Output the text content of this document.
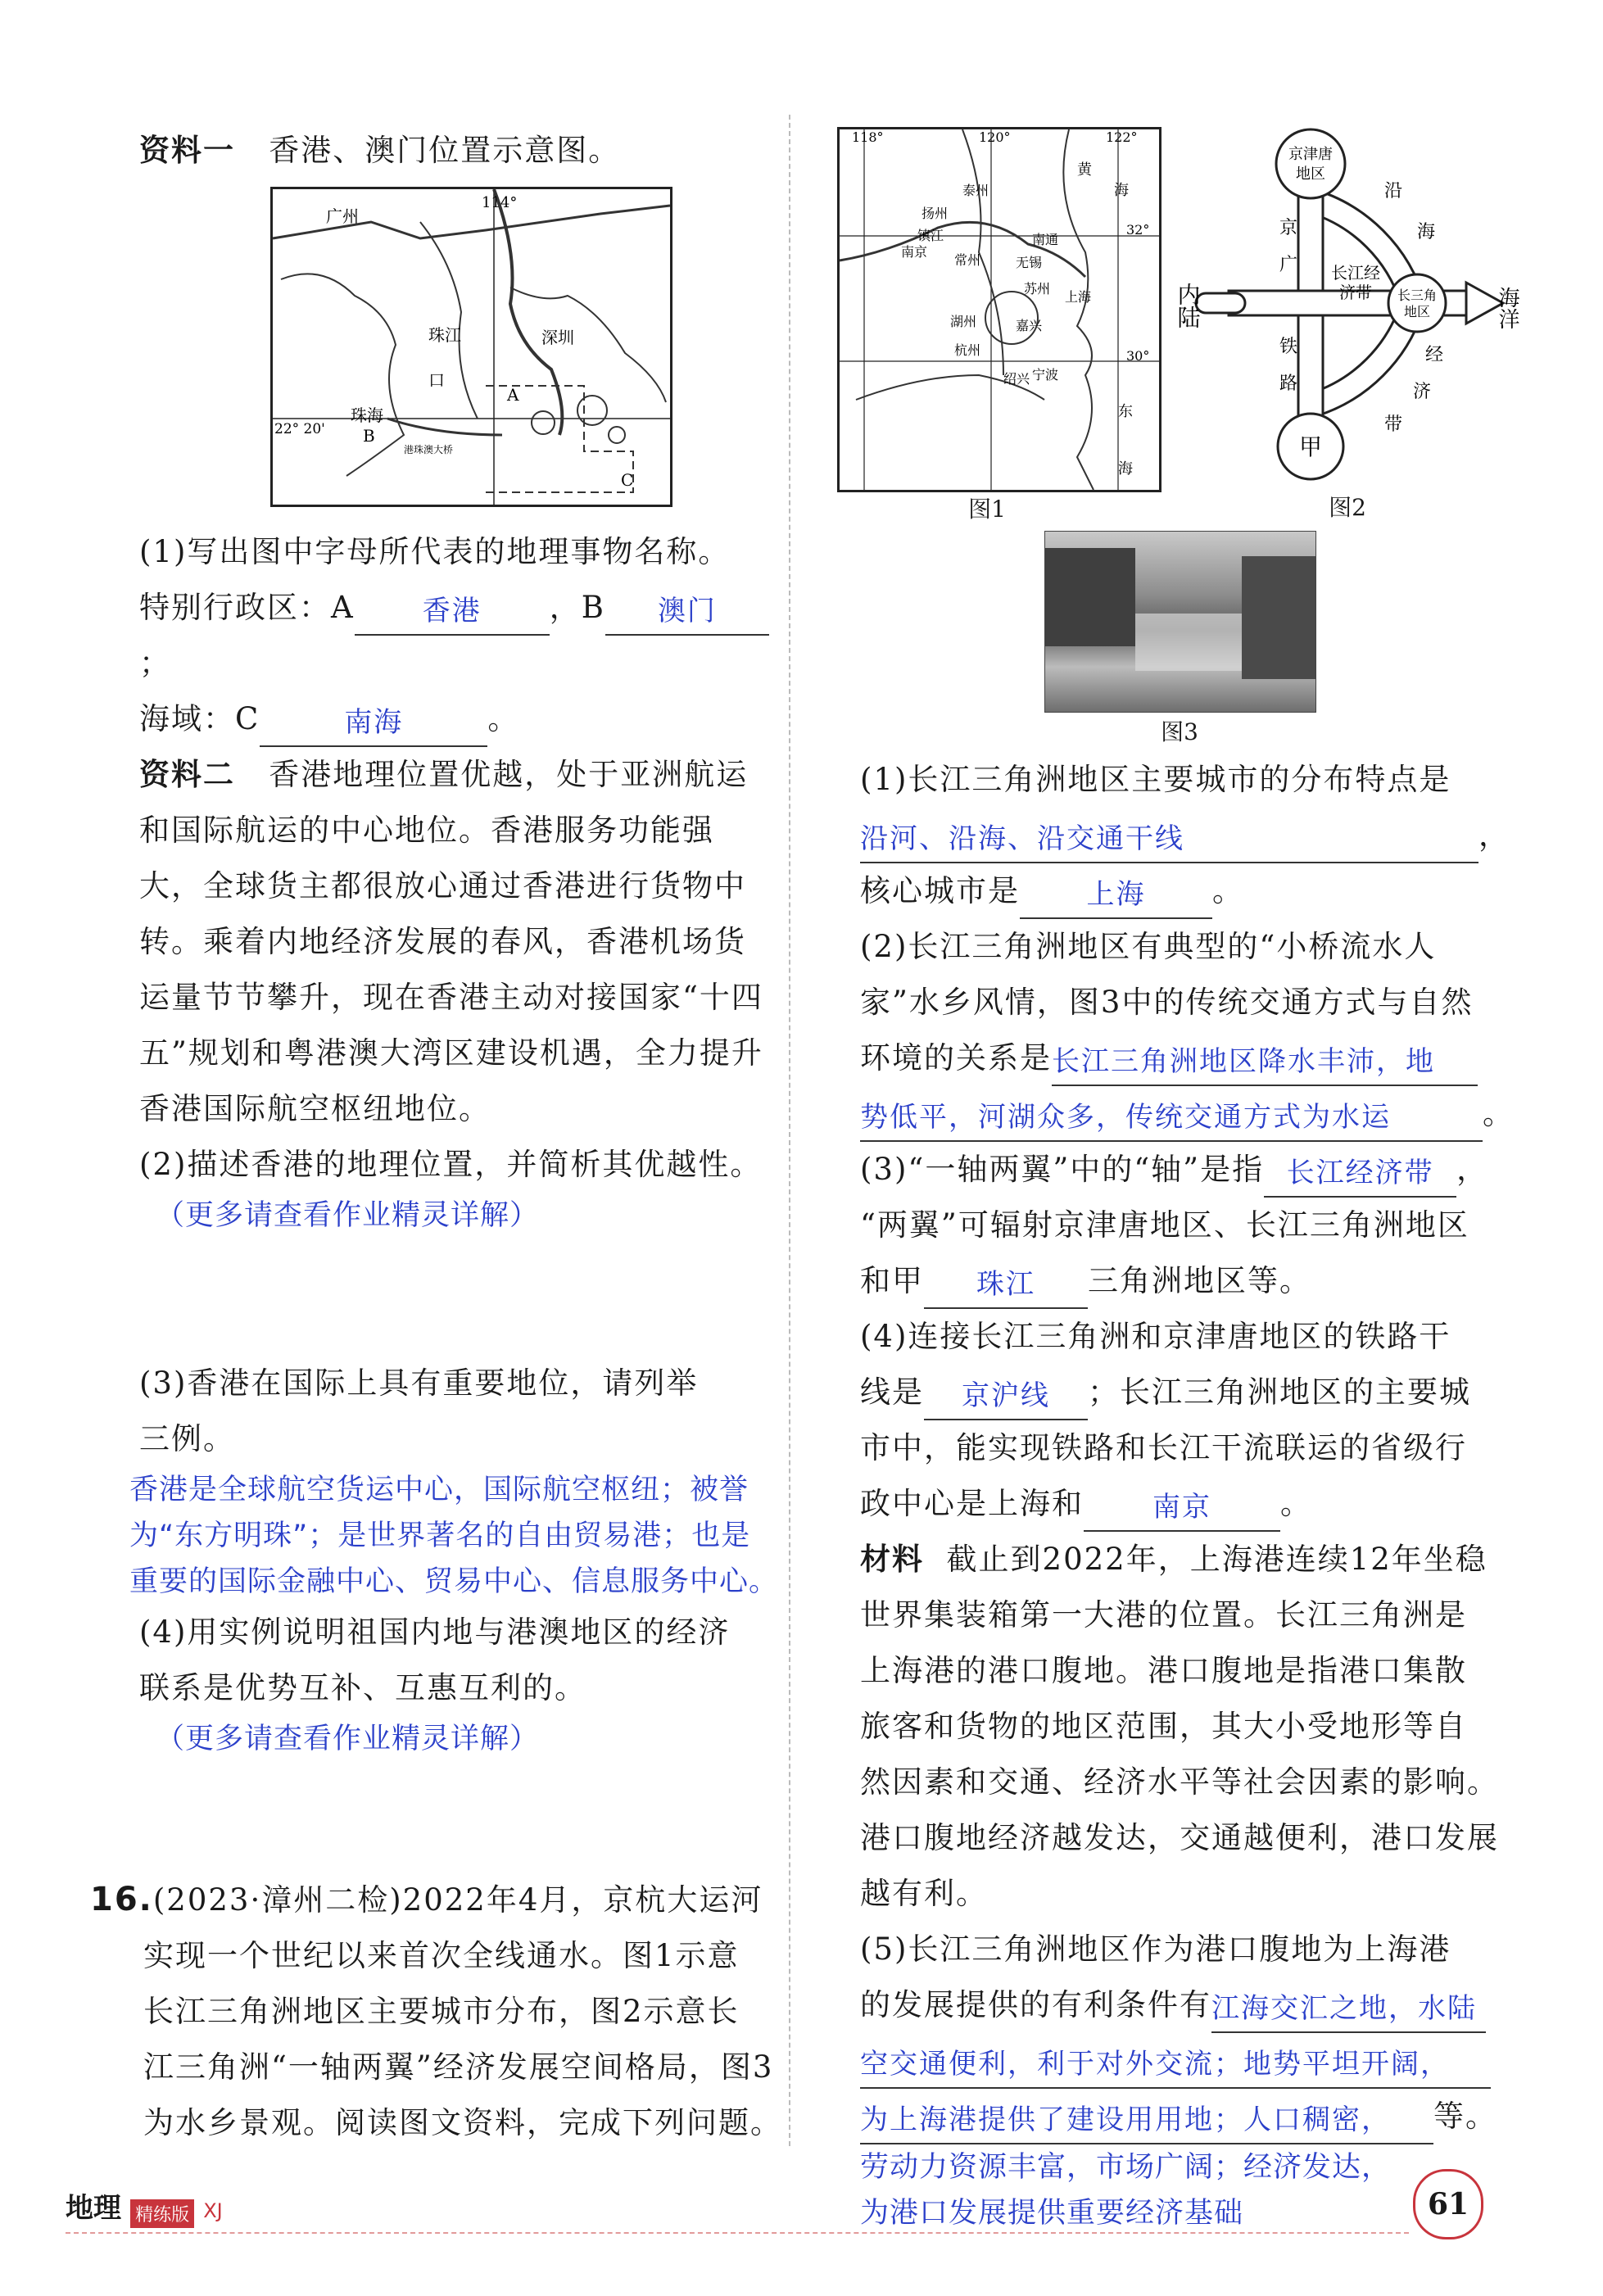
资料一 香港、澳门位置示意图。

广州
114°
深圳
珠江
口
珠海
22° 20'
A
B
C
港珠澳大桥

(1)写出图中字母所代表的地理事物名称。

特别行政区：A 香港 ，B 澳门；

海域：C	南海	。

资料二 香港地理位置优越，处于亚洲航运

和国际航运的中心地位。香港服务功能强

大，全球货主都很放心通过香港进行货物中

转。乘着内地经济发展的春风，香港机场货

运量节节攀升，现在香港主动对接国家“十四

五”规划和粤港澳大湾区建设机遇，全力提升

香港国际航空枢纽地位。

(2)描述香港的地理位置，并简析其优越性。

（更多请查看作业精灵详解）

(3)香港在国际上具有重要地位，请列举

三例。

香港是全球航空货运中心，国际航空枢纽；被誉

为“东方明珠”；是世界著名的自由贸易港；也是

重要的国际金融中心、贸易中心、信息服务中心。

(4)用实例说明祖国内地与港澳地区的经济

联系是优势互补、互惠互利的。

（更多请查看作业精灵详解）

16.(2023·漳州二检)2022年4月，京杭大运河

实现一个世纪以来首次全线通水。图1示意

长江三角洲地区主要城市分布，图2示意长

江三角洲“一轴两翼”经济发展空间格局，图3

为水乡景观。阅读图文资料，完成下列问题。

118°	120°	122°
32°
30°
黄
海
东
海
扬州
泰州
镇江	南通
南京
常州	无锡
苏州
上海
湖州	嘉兴
杭州
宁波
绍兴
图1
京津唐
地区
内陆	海洋
京
广
铁
路
长江经
济带 长三角
地区
沿
海
经
济
带
甲
图2
图3

(1)长江三角洲地区主要城市的分布特点是

沿河、沿海、沿交通干线	，

核心城市是 上海 。

(2)长江三角洲地区有典型的“小桥流水人

家”水乡风情，图3中的传统交通方式与自然

环境的关系是长江三角洲地区降水丰沛，地

势低平，河湖众多，传统交通方式为水运	。

(3)“一轴两翼”中的“轴”是指 长江经济带 ，

“两翼”可辐射京津唐地区、长江三角洲地区

和甲 珠江 三角洲地区等。

(4)连接长江三角洲和京津唐地区的铁路干

线是 京沪线 ；长江三角洲地区的主要城

市中，能实现铁路和长江干流联运的省级行

政中心是上海和 南京 。

材料 截止到2022年，上海港连续12年坐稳

世界集装箱第一大港的位置。长江三角洲是

上海港的港口腹地。港口腹地是指港口集散

旅客和货物的地区范围，其大小受地形等自

然因素和交通、经济水平等社会因素的影响。

港口腹地经济越发达，交通越便利，港口发展

越有利。

(5)长江三角洲地区作为港口腹地为上海港

的发展提供的有利条件有江海交汇之地，水陆

空交通便利，利于对外交流；地势平坦开阔，

为上海港提供了建设用用地；人口稠密， 等。

劳动力资源丰富，市场广阔；经济发达，

为港口发展提供重要经济基础

地理 精练版 XJ	61
